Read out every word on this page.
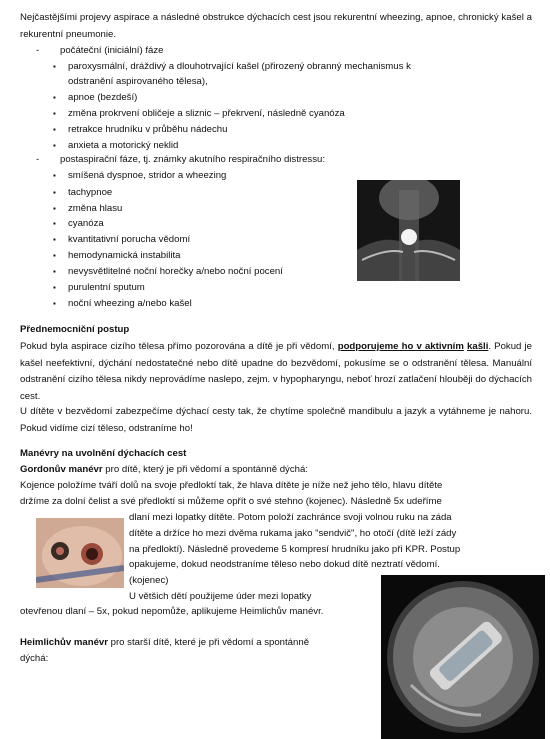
Nejčastějšími projevy aspirace a následné obstrukce dýchacích cest jsou rekurentní wheezing, apnoe, chronický kašel a rekurentní pneumonie.

- počáteční (iniciální) fáze
▪ paroxysmální, dráždivý a dlouhotrvající kašel (přirozený obranný mechanismus k
odstranění aspirovaného tělesa),
▪ apnoe (bezdeší)
▪ změna prokrvení obličeje a sliznic – překrvení, následně cyanóza
▪ retrakce hrudníku v průběhu nádechu
▪ anxieta a motorický neklid
- postaspirační fáze, tj. známky akutního respiračního distressu:
▪ smíšená dyspnoe, stridor a wheezing
▪ tachypnoe
▪ změna hlasu
▪ cyanóza
▪ kvantitativní porucha vědomí
▪ hemodynamická instabilita
▪ nevysvětlitelné noční horečky a/nebo noční pocení
▪ purulentní sputum
▪ noční wheezing a/nebo kašel
Přednemocniční postup

Pokud byla aspirace cizího tělesa přímo pozorována a dítě je při vědomí, podporujeme ho v aktivním kašli. Pokud je kašel neefektivní, dýchání nedostatečné nebo dítě upadne do bezvědomí, pokusíme se o odstranění tělesa. Manuální odstranění cizího tělesa nikdy neprovádíme naslepo, zejm. v hypopharyngu, neboť hrozí zatlačení hlouběji do dýchacích cest.

U dítěte v bezvědomí zabezpečíme dýchací cesty tak, že chytíme společně mandibulu a jazyk a vytáhneme je nahoru. Pokud vidíme cizí těleso, odstraníme ho!

Manévry na uvolnění dýchacích cest
Gordonův manévr pro dítě, který je při vědomí a spontánně dýchá:
Kojence položíme tváří dolů na svoje předloktí tak, že hlava dítěte je níže než jeho tělo, hlavu dítěte
držíme za dolní čelist a své předloktí si můžeme opřít o své stehno (kojenec). Následně 5x udeříme
dlaní mezi lopatky dítěte. Potom položí zachránce svoji volnou ruku na záda
dítěte a držíce ho mezi dvěma rukama jako "sendvič", ho otočí (dítě leží zády
na předloktí). Následně provedeme 5 kompresí hrudníku jako při KPR. Postup
opakujeme, dokud neodstraníme těleso nebo dokud dítě neztratí vědomí.
(kojenec)
U většich dětí použijeme úder mezi lopatky
otevřenou dlaní – 5x, pokud nepomůže, aplikujeme Heimlichův manévr.
Heimlichův manévr pro starší dítě, které je při vědomí a spontánně
dýchá:
